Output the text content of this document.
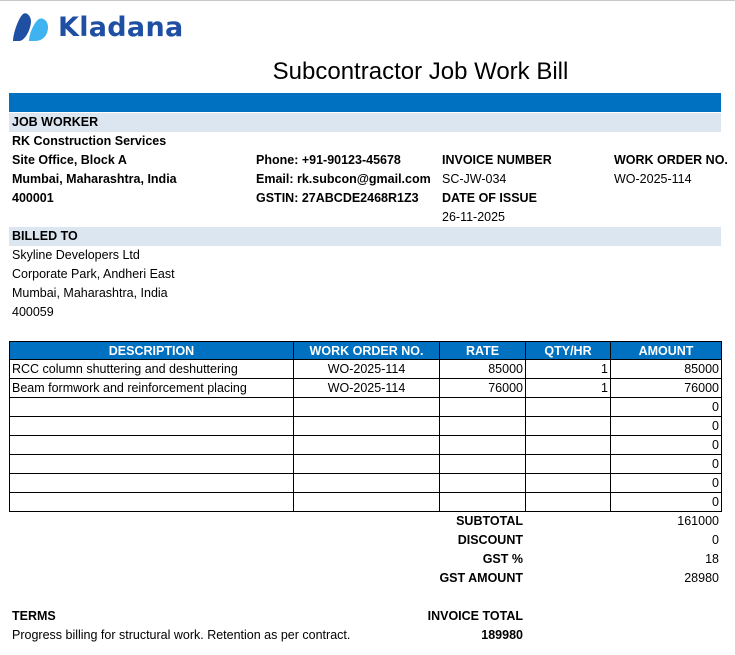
Kladana
Subcontractor Job Work Bill
JOB WORKER
RK Construction Services
Site Office, Block A
Mumbai, Maharashtra, India
400001
Phone: +91-90123-45678
Email: rk.subcon@gmail.com
GSTIN: 27ABCDE2468R1Z3
INVOICE NUMBER
SC-JW-034
DATE OF ISSUE
26-11-2025
WORK ORDER NO.
WO-2025-114
BILLED TO
Skyline Developers Ltd
Corporate Park, Andheri East
Mumbai, Maharashtra, India
400059
DESCRIPTION	WORK ORDER NO.	RATE	QTY/HR	AMOUNT
RCC column shuttering and deshuttering	WO-2025-114	85000	1	85000
Beam formwork and reinforcement placing	WO-2025-114	76000	1	76000
				0
				0
				0
				0
				0
				0
SUBTOTAL	161000
DISCOUNT	0
GST %	18
GST AMOUNT	28980
INVOICE TOTAL
189980
TERMS
Progress billing for structural work. Retention as per contract.
